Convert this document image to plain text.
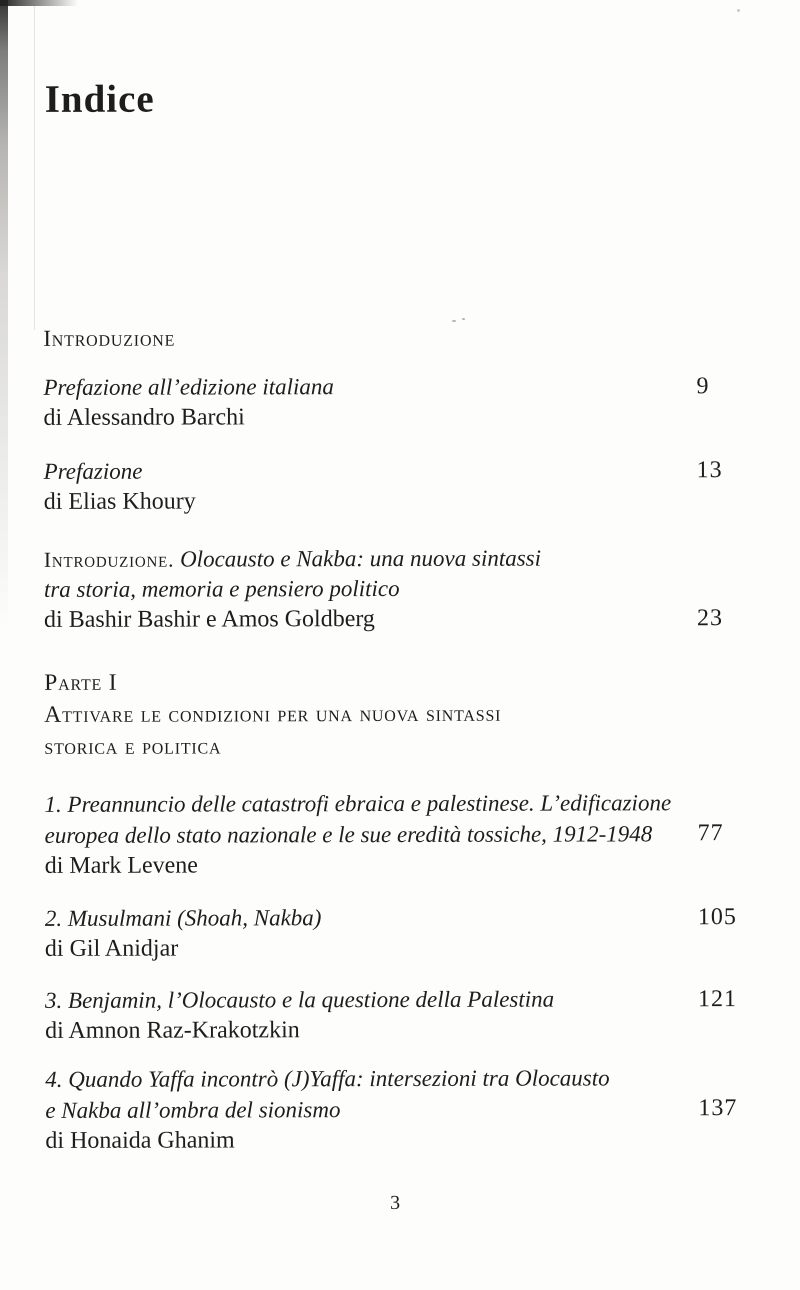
Indice
Introduzione
Prefazione all’edizione italiana	9
di Alessandro Barchi
Prefazione	13
di Elias Khoury
Introduzione. Olocausto e Nakba: una nuova sintassi
tra storia, memoria e pensiero politico
di Bashir Bashir e Amos Goldberg	23
Parte I
Attivare le condizioni per una nuova sintassi
storica e politica
1. Preannuncio delle catastrofi ebraica e palestinese. L’edificazione
europea dello stato nazionale e le sue eredità tossiche, 1912-1948 77
di Mark Levene
2. Musulmani (Shoah, Nakba)	105
di Gil Anidjar
3. Benjamin, l’Olocausto e la questione della Palestina	121
di Amnon Raz-Krakotzkin
4. Quando Yaffa incontrò (J)Yaffa: intersezioni tra Olocausto
e Nakba all’ombra del sionismo	137
di Honaida Ghanim
3
